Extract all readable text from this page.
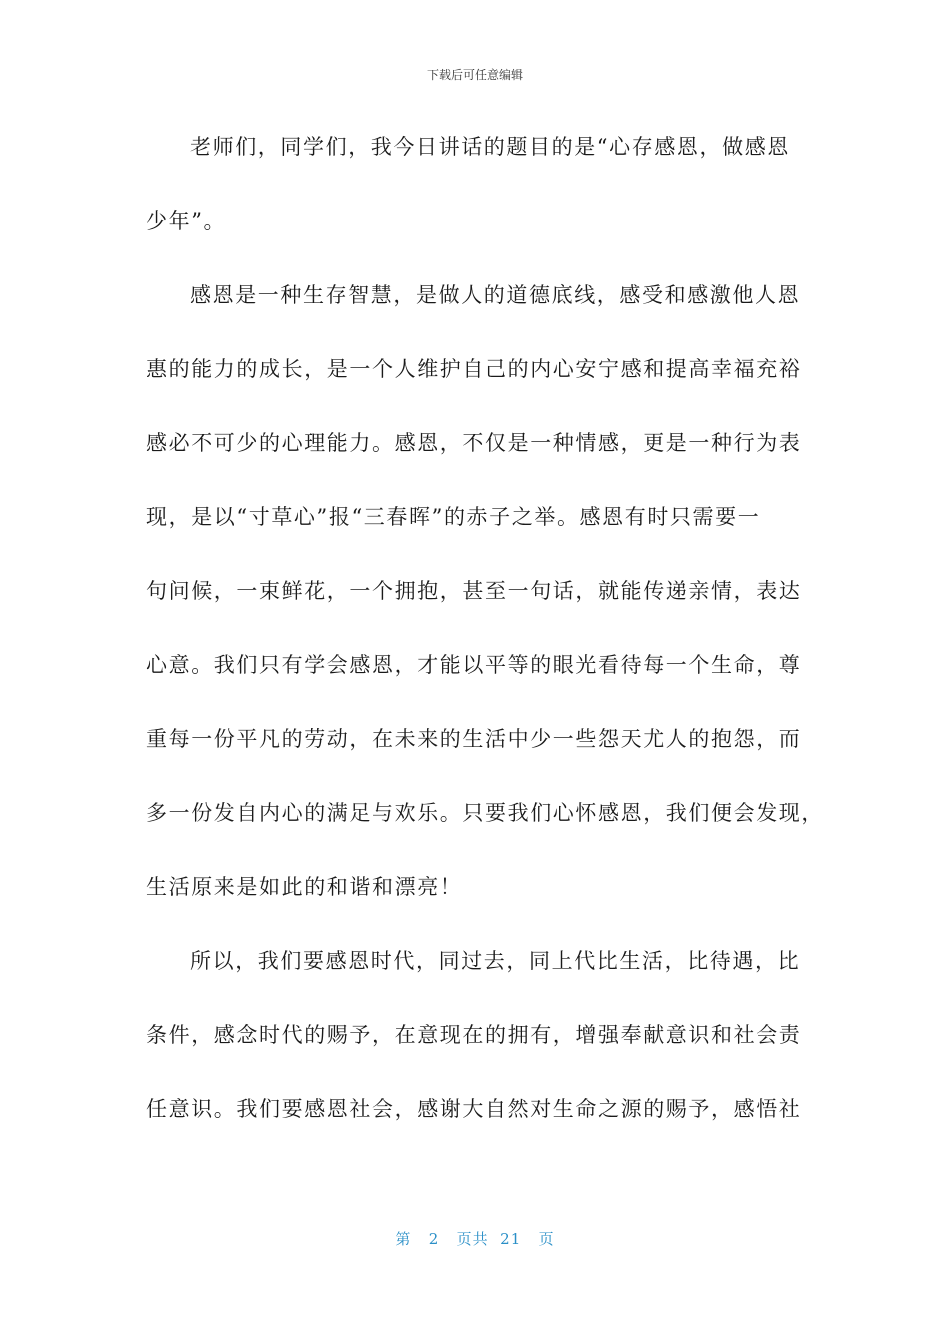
下载后可任意编辑
老师们，同学们，我今日讲话的题目的是“心存感恩，做感恩
少年”。
感恩是一种生存智慧，是做人的道德底线，感受和感激他人恩
惠的能力的成长，是一个人维护自己的内心安宁感和提高幸福充裕
感必不可少的心理能力。感恩，不仅是一种情感，更是一种行为表
现，是以“寸草心”报“三春晖”的赤子之举。感恩有时只需要一
句问候，一束鲜花，一个拥抱，甚至一句话，就能传递亲情，表达
心意。我们只有学会感恩，才能以平等的眼光看待每一个生命，尊
重每一份平凡的劳动，在未来的生活中少一些怨天尤人的抱怨，而
多一份发自内心的满足与欢乐。只要我们心怀感恩，我们便会发现，
生活原来是如此的和谐和漂亮！
所以，我们要感恩时代，同过去，同上代比生活，比待遇，比
条件，感念时代的赐予，在意现在的拥有，增强奉献意识和社会责
任意识。我们要感恩社会，感谢大自然对生命之源的赐予，感悟社
第 2 页共 21 页
